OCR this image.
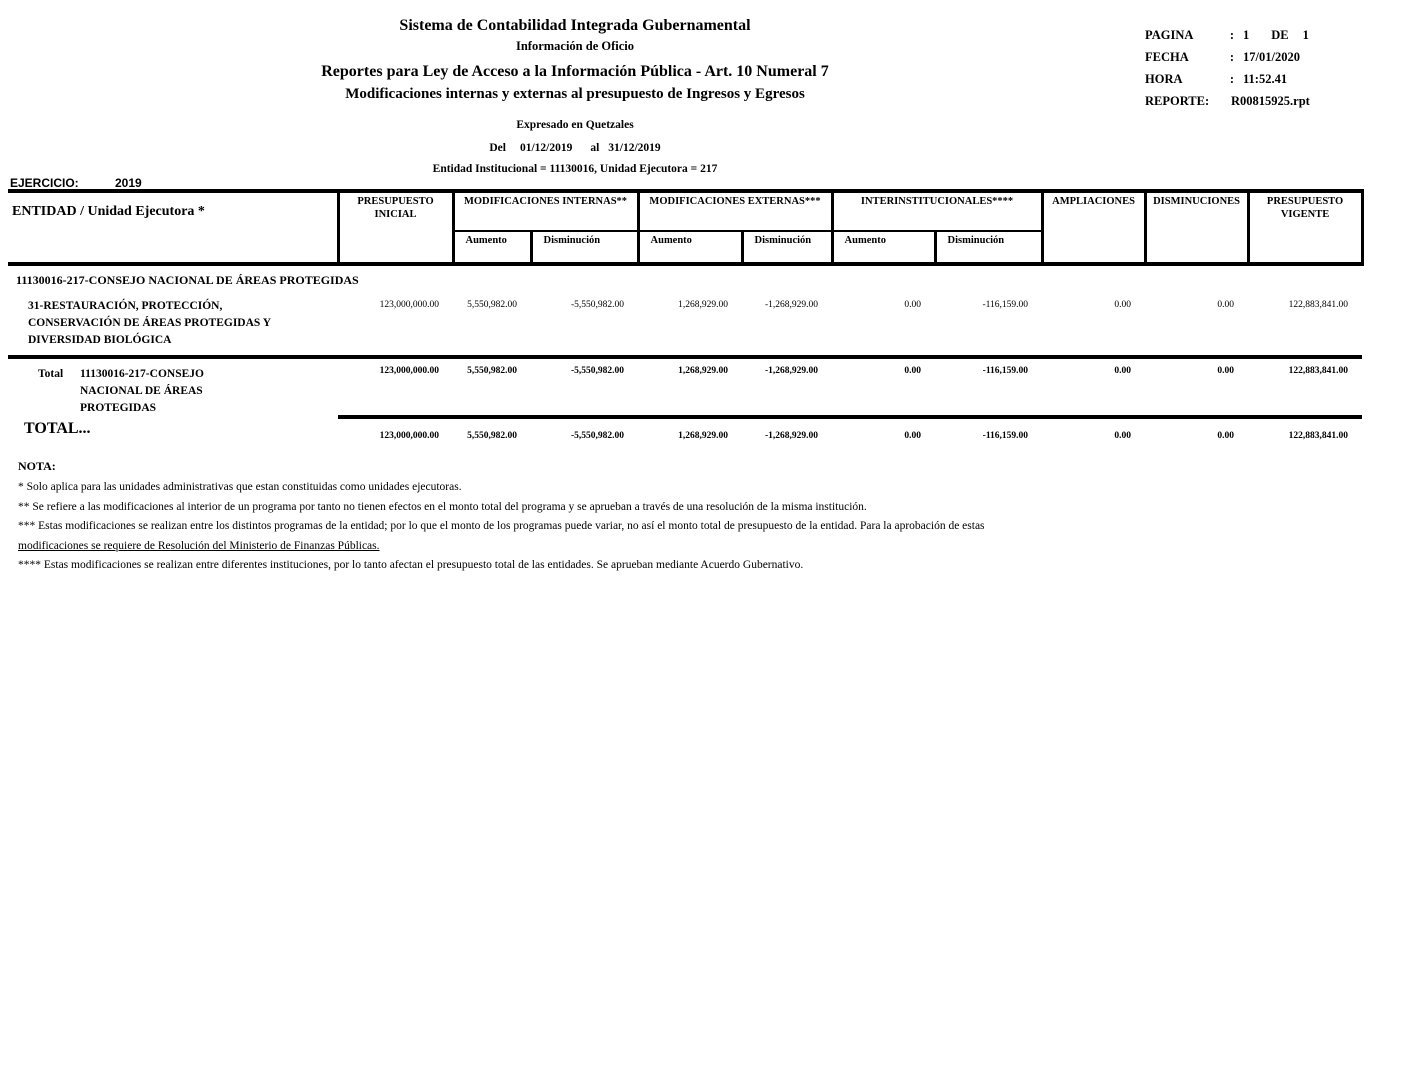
Sistema de Contabilidad Integrada Gubernamental
Información de Oficio
Reportes para Ley de Acceso a la Información Pública - Art. 10 Numeral 7
Modificaciones internas y externas al presupuesto de Ingresos y Egresos
Expresado en Quetzales
Del 01/12/2019 al 31/12/2019
Entidad Institucional = 11130016, Unidad Ejecutora = 217
PAGINA	: 1 DE 1
FECHA	: 17/01/2020
HORA	: 11:52.41
REPORTE:	R00815925.rpt
EJERCICIO:	2019
ENTIDAD / Unidad Ejecutora *	PRESUPUESTO INICIAL	MODIFICACIONES INTERNAS**		MODIFICACIONES EXTERNAS***		INTERINSTITUCIONALES****		AMPLIACIONES	DISMINUCIONES	PRESUPUESTO VIGENTE
		Aumento	Disminución	Aumento	Disminución	Aumento	Disminución			
11130016-217-CONSEJO NACIONAL DE ÁREAS PROTEGIDAS										

31-RESTAURACIÓN, PROTECCIÓN,
CONSERVACIÓN DE ÁREAS PROTEGIDAS Y
DIVERSIDAD BIOLÓGICA	123,000,000.00	5,550,982.00	-5,550,982.00	1,268,929.00	-1,268,929.00	0.00	-116,159.00	0.00	0.00	122,883,841.00

Total 11130016-217-CONSEJO
NACIONAL DE ÁREAS
PROTEGIDAS	123,000,000.00	5,550,982.00	-5,550,982.00	1,268,929.00	-1,268,929.00	0.00	-116,159.00	0.00	0.00	122,883,841.00
TOTAL...	123,000,000.00	5,550,982.00	-5,550,982.00	1,268,929.00	-1,268,929.00	0.00	-116,159.00	0.00	0.00	122,883,841.00
NOTA:
* Solo aplica para las unidades administrativas que estan constituidas como unidades ejecutoras.
** Se refiere a las modificaciones al interior de un programa por tanto no tienen efectos en el monto total del programa y se aprueban a través de una resolución de la misma institución.
*** Estas modificaciones se realizan entre los distintos programas de la entidad; por lo que el monto de los programas puede variar, no así el monto total de presupuesto de la entidad. Para la aprobación de estas
modificaciones se requiere de Resolución del Ministerio de Finanzas Públicas.
**** Estas modificaciones se realizan entre diferentes instituciones, por lo tanto afectan el presupuesto total de las entidades. Se aprueban mediante Acuerdo Gubernativo.
